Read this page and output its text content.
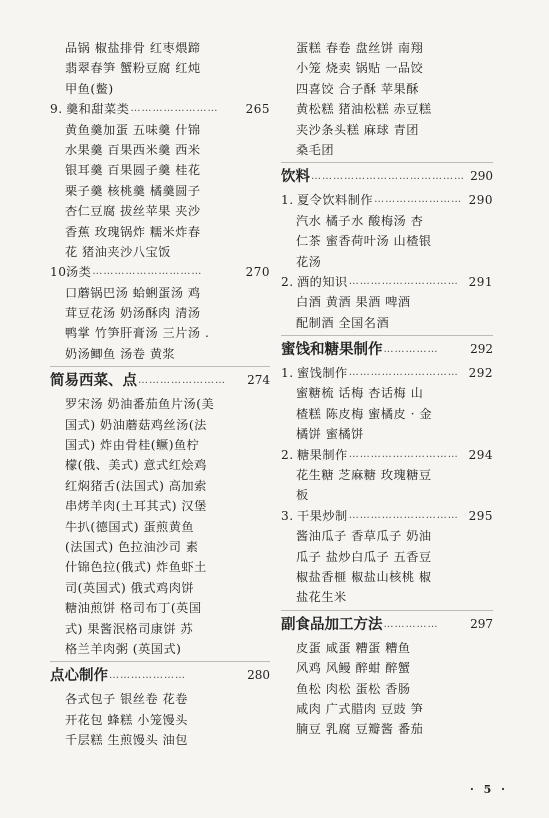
品锅 椒盐排骨 红枣煨蹄
翡翠春笋 蟹粉豆腐 红炖
甲鱼(鳖)
9. 羹和甜菜类 ……………………	265
黄鱼羹加蛋 五味羹 什锦
水果羹 百果西米羹 西米
银耳羹 百果圆子羹 桂花
栗子羹 核桃羹 橘羹圆子
杏仁豆腐 拔丝苹果 夹沙
香蕉 玫瑰锅炸 糯米炸春
花 猪油夹沙八宝饭
10.汤类 …………………………	270
口蘑锅巴汤 蛤蜊蛋汤 鸡
茸豆花汤 奶汤酥肉 清汤
鸭掌 竹笋肝膏汤 三片汤 .
奶汤鲫鱼 汤卷 黄浆
简易西菜、点 ……………………	274
罗宋汤 奶油番茄鱼片汤(美
国式) 奶油蘑菇鸡丝汤(法
国式) 炸由骨桂(鳜)鱼柠
檬(俄、美式) 意式红烩鸡
红焖猪舌(法国式) 高加索
串烤羊肉(土耳其式) 汉堡
牛扒(德国式) 蛋煎黄鱼
(法国式) 色拉油沙司 素
什锦色拉(俄式) 炸鱼虾土
司(英国式) 俄式鸡肉饼
糖油煎饼 格司布丁(英国
式) 果酱泯格司康饼 苏
格兰羊肉粥 (英国式)
点心制作 …………………	280
各式包子 银丝卷 花卷
开花包 蜂糕 小笼馒头
千层糕 生煎馒头 油包
蛋糕 春卷 盘丝饼 南翔
小笼 烧卖 锅贴 一品饺
四喜饺 合子酥 苹果酥
黄松糕 猪油松糕 赤豆糕
夹沙条头糕 麻球 青团
桑毛团
饮料 …………………………………… 290
1. 夏令饮料制作 …………………… 290
汽水 橘子水 酸梅汤 杏
仁茶 蜜香荷叶汤 山楂银
花汤
2. 酒的知识 ………………………… 291
白酒 黄酒 果酒 啤酒
配制酒 全国名酒
蜜饯和糖果制作 ……………	292
1. 蜜饯制作 ………………………… 292
蜜糖梳 话梅 杏话梅 山
楂糕 陈皮梅 蜜橘皮 · 金
橘饼 蜜橘饼
2. 糖果制作 ………………………… 294
花生糖 芝麻糖 玫瑰糖豆
板
3. 干果炒制 ………………………… 295
酱油瓜子 香草瓜子 奶油
瓜子 盐炒白瓜子 五香豆
椒盐香榧 椒盐山核桃 椒
盐花生米
副食品加工方法 ……………	297
皮蛋 咸蛋 糟蛋 糟鱼
风鸡 风鳗 醉蚶 醉蟹
鱼松 肉松 蛋松 香肠
咸肉 广式腊肉 豆豉 笋
腩豆 乳腐 豆瓣酱 番茄
· 5 ·
